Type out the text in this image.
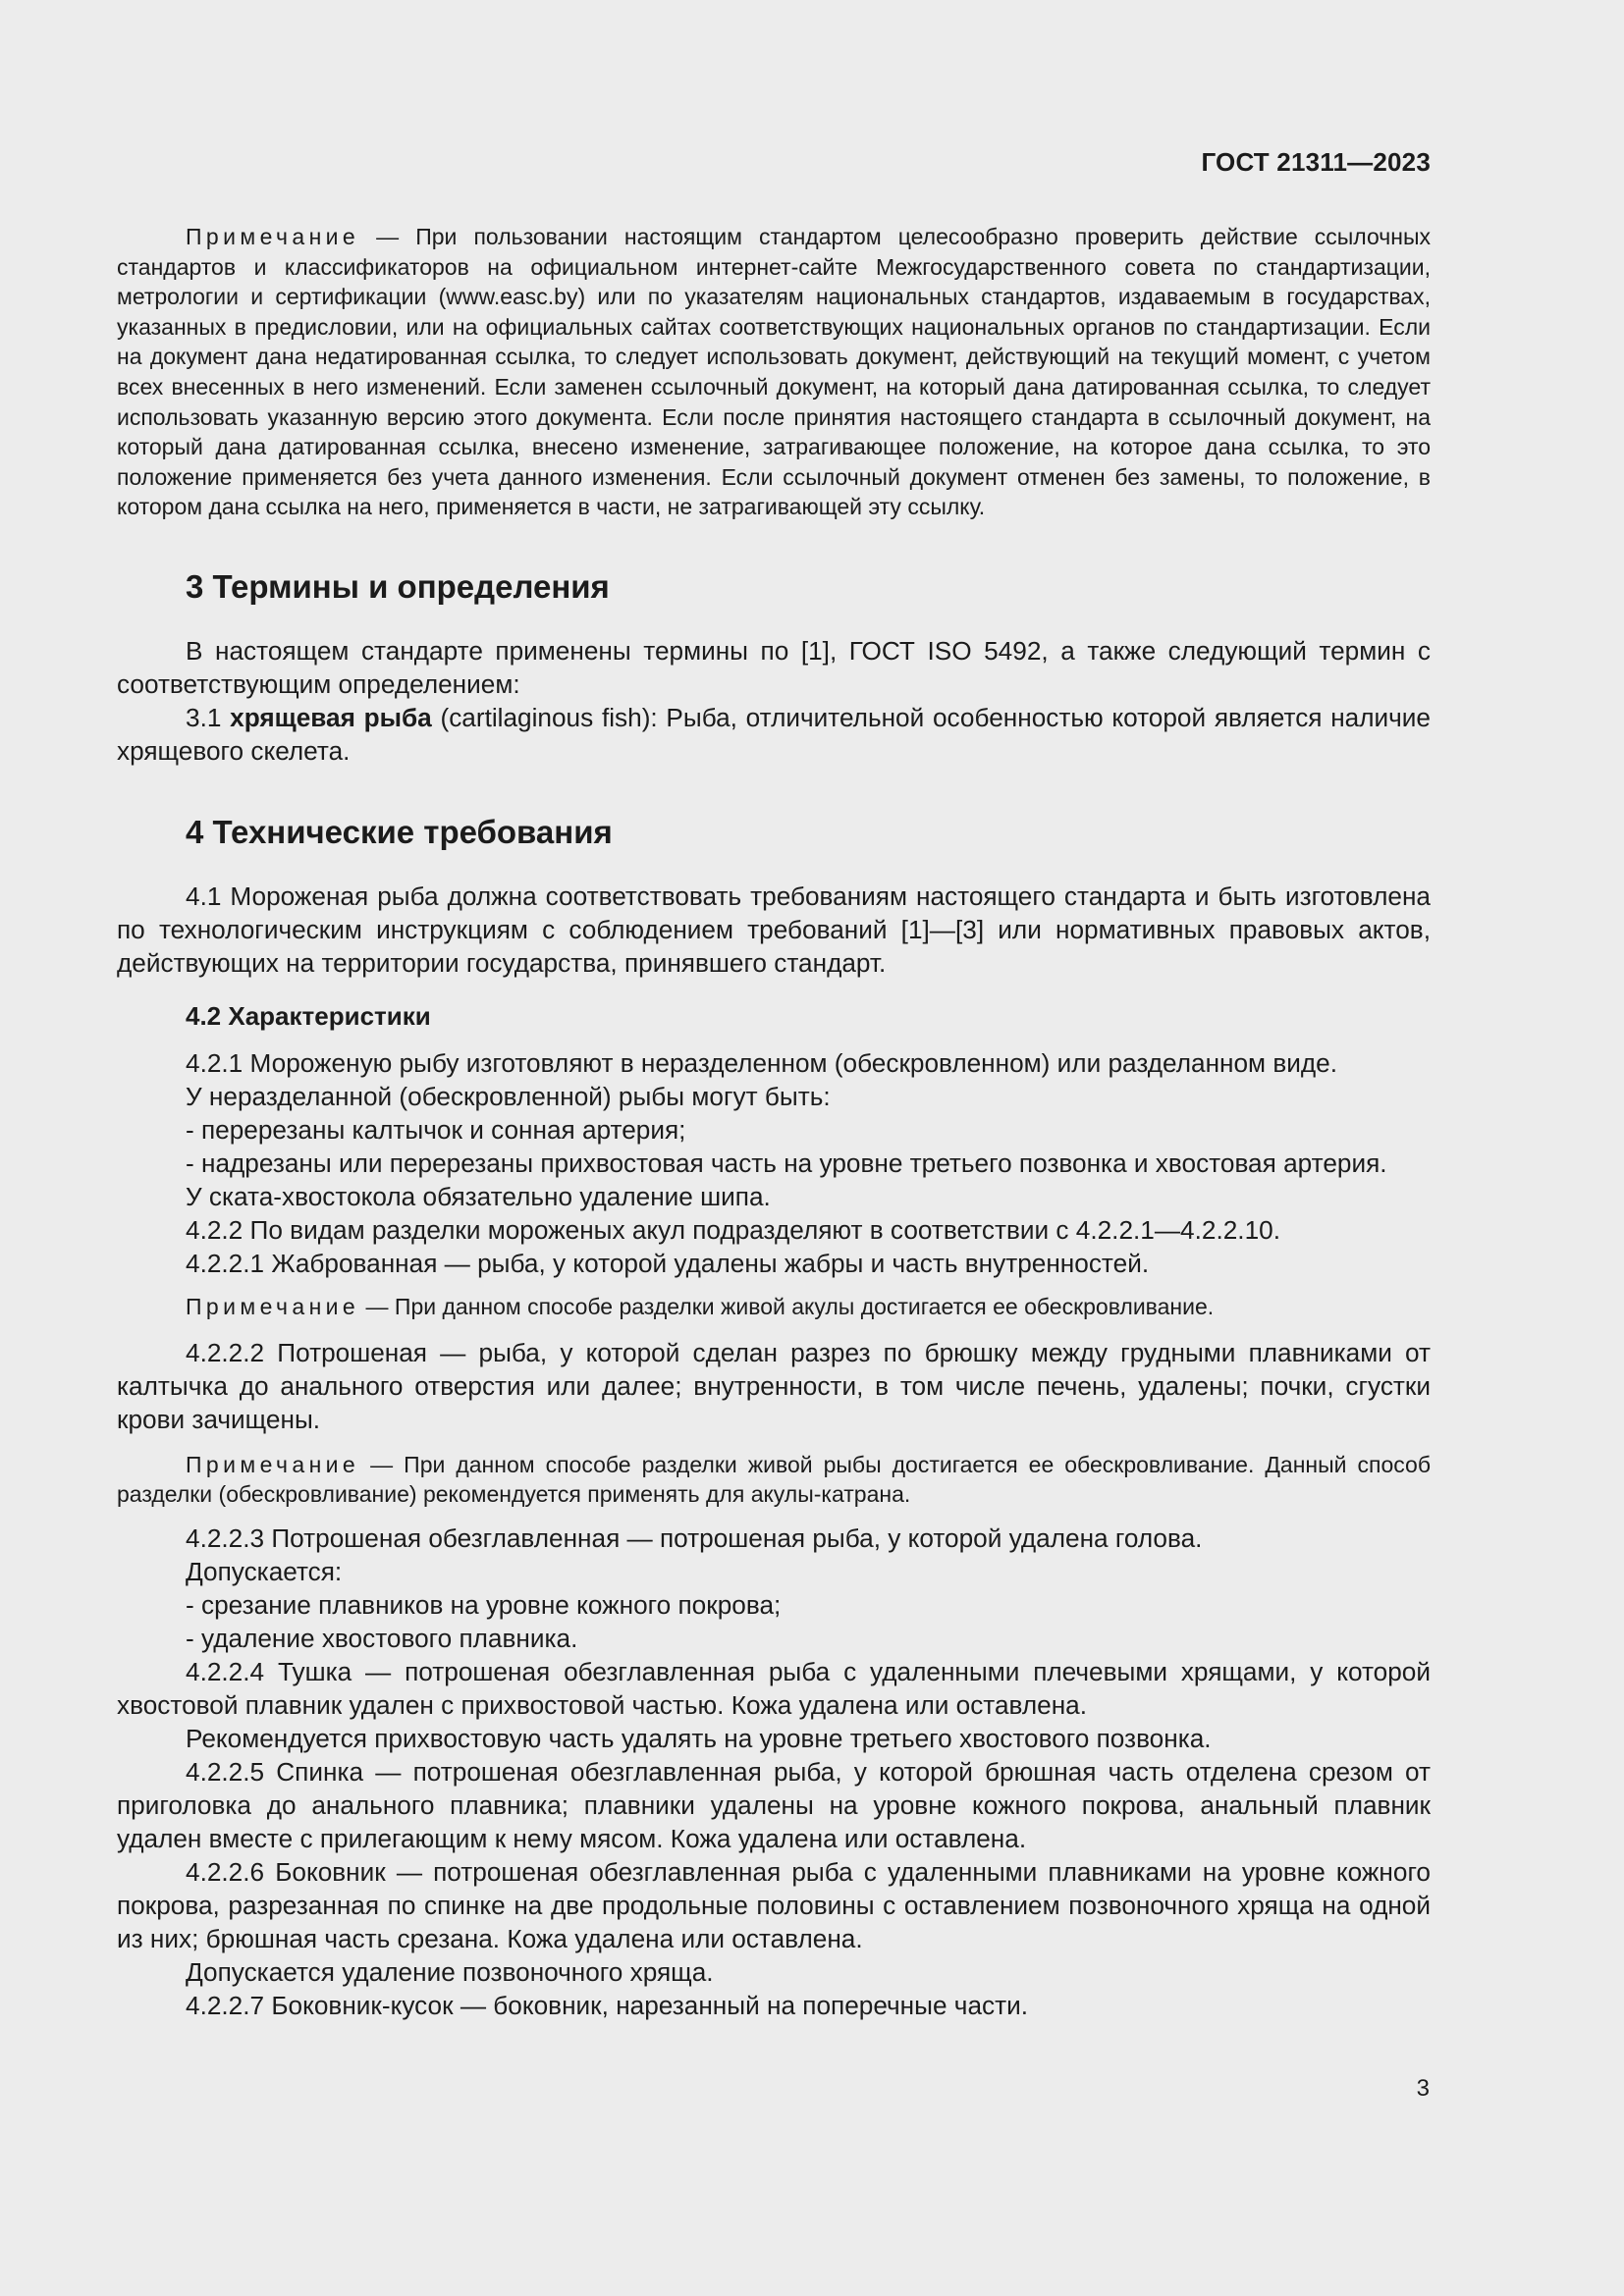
ГОСТ 21311—2023

Примечание — При пользовании настоящим стандартом целесообразно проверить действие ссылочных стандартов и классификаторов на официальном интернет-сайте Межгосударственного совета по стандартизации, метрологии и сертификации (www.easc.by) или по указателям национальных стандартов, издаваемым в государствах, указанных в предисловии, или на официальных сайтах соответствующих национальных органов по стандартизации. Если на документ дана недатированная ссылка, то следует использовать документ, действующий на текущий момент, с учетом всех внесенных в него изменений. Если заменен ссылочный документ, на который дана датированная ссылка, то следует использовать указанную версию этого документа. Если после принятия настоящего стандарта в ссылочный документ, на который дана датированная ссылка, внесено изменение, затрагивающее положение, на которое дана ссылка, то это положение применяется без учета данного изменения. Если ссылочный документ отменен без замены, то положение, в котором дана ссылка на него, применяется в части, не затрагивающей эту ссылку.

3 Термины и определения

В настоящем стандарте применены термины по [1], ГОСТ ISO 5492, а также следующий термин с соответствующим определением:

3.1 хрящевая рыба (cartilaginous fish): Рыба, отличительной особенностью которой является наличие хрящевого скелета.

4 Технические требования

4.1 Мороженая рыба должна соответствовать требованиям настоящего стандарта и быть изготовлена по технологическим инструкциям с соблюдением требований [1]—[3] или нормативных правовых актов, действующих на территории государства, принявшего стандарт.

4.2 Характеристики

4.2.1 Мороженую рыбу изготовляют в неразделенном (обескровленном) или разделанном виде.

У неразделанной (обескровленной) рыбы могут быть:

- перерезаны калтычок и сонная артерия;

- надрезаны или перерезаны прихвостовая часть на уровне третьего позвонка и хвостовая артерия.

У ската-хвостокола обязательно удаление шипа.

4.2.2 По видам разделки мороженых акул подразделяют в соответствии с 4.2.2.1—4.2.2.10.

4.2.2.1 Жаброванная — рыба, у которой удалены жабры и часть внутренностей.

Примечание — При данном способе разделки живой акулы достигается ее обескровливание.

4.2.2.2 Потрошеная — рыба, у которой сделан разрез по брюшку между грудными плавниками от калтычка до анального отверстия или далее; внутренности, в том числе печень, удалены; почки, сгустки крови зачищены.

Примечание — При данном способе разделки живой рыбы достигается ее обескровливание. Данный способ разделки (обескровливание) рекомендуется применять для акулы-катрана.

4.2.2.3 Потрошеная обезглавленная — потрошеная рыба, у которой удалена голова.

Допускается:

- срезание плавников на уровне кожного покрова;

- удаление хвостового плавника.

4.2.2.4 Тушка — потрошеная обезглавленная рыба с удаленными плечевыми хрящами, у которой хвостовой плавник удален с прихвостовой частью. Кожа удалена или оставлена.

Рекомендуется прихвостовую часть удалять на уровне третьего хвостового позвонка.

4.2.2.5 Спинка — потрошеная обезглавленная рыба, у которой брюшная часть отделена срезом от приголовка до анального плавника; плавники удалены на уровне кожного покрова, анальный плавник удален вместе с прилегающим к нему мясом. Кожа удалена или оставлена.

4.2.2.6 Боковник — потрошеная обезглавленная рыба с удаленными плавниками на уровне кожного покрова, разрезанная по спинке на две продольные половины с оставлением позвоночного хряща на одной из них; брюшная часть срезана. Кожа удалена или оставлена.

Допускается удаление позвоночного хряща.

4.2.2.7 Боковник-кусок — боковник, нарезанный на поперечные части.

3
